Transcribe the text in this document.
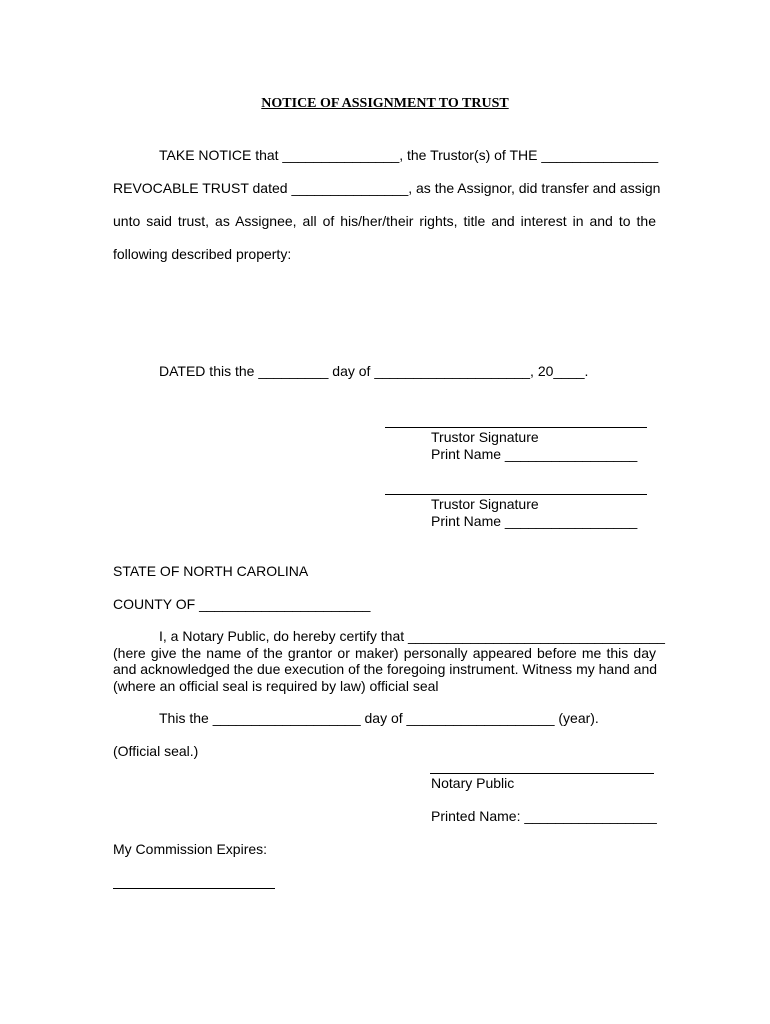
NOTICE OF ASSIGNMENT TO TRUST
TAKE NOTICE that _______________, the Trustor(s) of THE _______________
REVOCABLE TRUST dated _______________, as the Assignor, did transfer and assign
unto said trust, as Assignee, all of his/her/their rights, title and interest in and to the
following described property:
DATED this the _________ day of ____________________, 20____.
Trustor Signature
Print Name _________________
Trustor Signature
Print Name _________________
STATE OF NORTH CAROLINA
COUNTY OF ______________________
I, a Notary Public, do hereby certify that _________________________________
(here give the name of the grantor or maker) personally appeared before me this day
and acknowledged the due execution of the foregoing instrument. Witness my hand and
(where an official seal is required by law) official seal
This the ___________________ day of ___________________ (year).
(Official seal.)
Notary Public
Printed Name: _________________
My Commission Expires:
